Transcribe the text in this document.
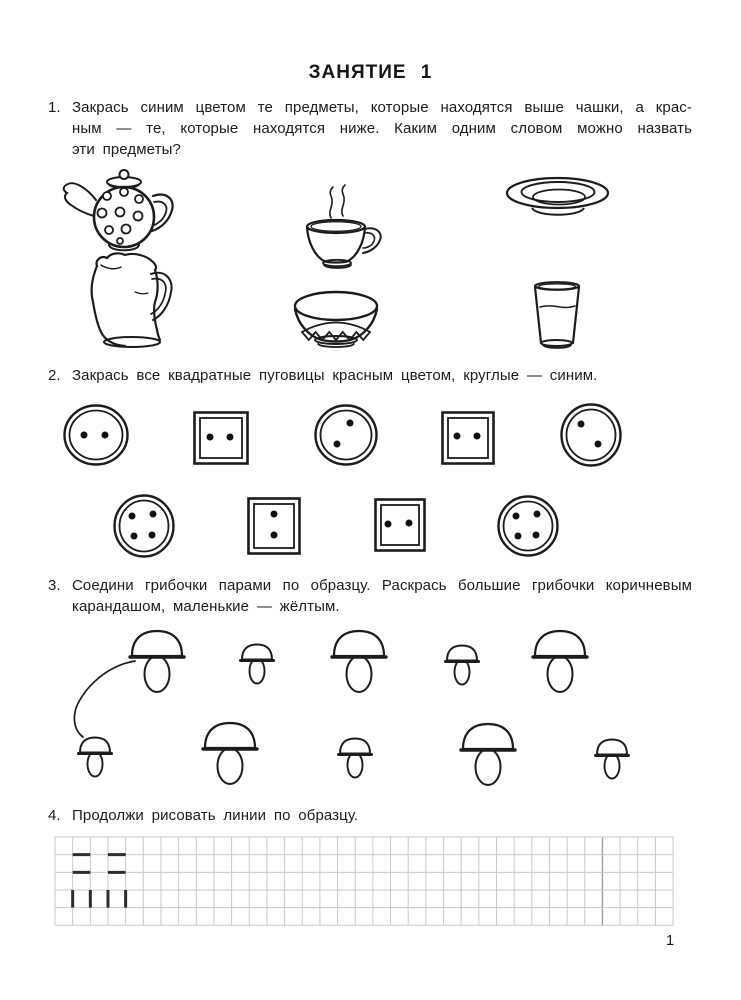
ЗАНЯТИЕ 1
1. Закрась синим цветом те предметы, которые находятся выше чашки, а крас-
ным — те, которые находятся ниже. Каким одним словом можно назвать
эти предметы?
2. Закрась все квадратные пуговицы красным цветом, круглые — синим.
3. Соедини грибочки парами по образцу. Раскрась большие грибочки коричневым
карандашом, маленькие — жёлтым.
4. Продолжи рисовать линии по образцу.
1
